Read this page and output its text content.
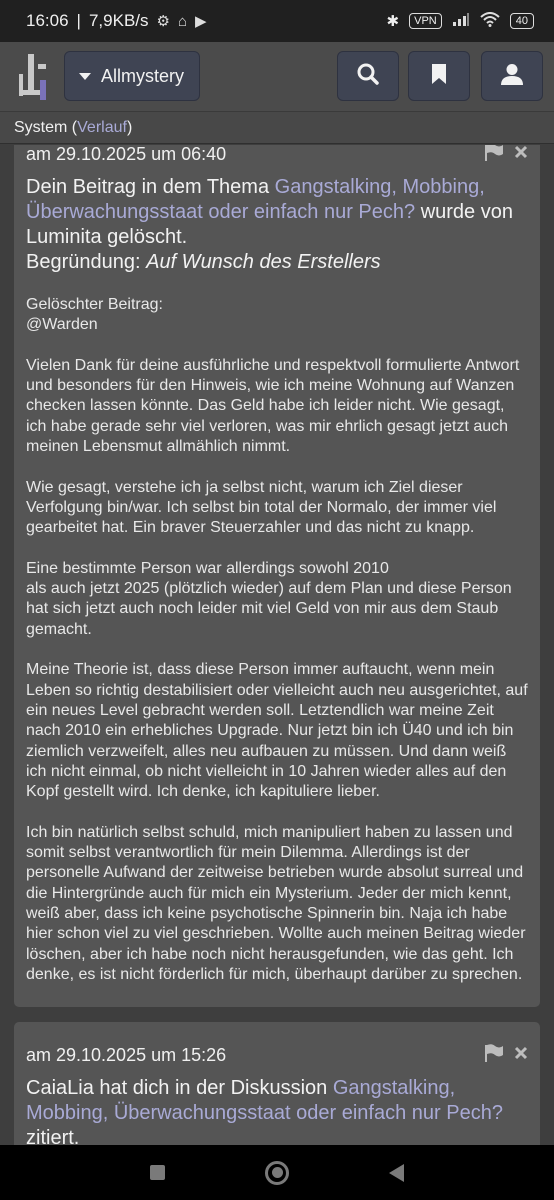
16:06 | 7,9KB/s ⚙ ⌂ ▶	✱	VPN	40
Allmystery
System ( Verlauf )
am 29.10.2025 um 06:40
Dein Beitrag in dem Thema Gangstalking, Mobbing, Überwachungsstaat oder einfach nur Pech? wurde von Luminita gelöscht.
Begründung: Auf Wunsch des Erstellers
Gelöschter Beitrag:
@Warden

Vielen Dank für deine ausführliche und respektvoll formulierte Antwort und besonders für den Hinweis, wie ich meine Wohnung auf Wanzen checken lassen könnte. Das Geld habe ich leider nicht. Wie gesagt, ich habe gerade sehr viel verloren, was mir ehrlich gesagt jetzt auch meinen Lebensmut allmählich nimmt.

Wie gesagt, verstehe ich ja selbst nicht, warum ich Ziel dieser Verfolgung bin/war. Ich selbst bin total der Normalo, der immer viel gearbeitet hat. Ein braver Steuerzahler und das nicht zu knapp.

Eine bestimmte Person war allerdings sowohl 2010
als auch jetzt 2025 (plötzlich wieder) auf dem Plan und diese Person hat sich jetzt auch noch leider mit viel Geld von mir aus dem Staub gemacht.

Meine Theorie ist, dass diese Person immer auftaucht, wenn mein Leben so richtig destabilisiert oder vielleicht auch neu ausgerichtet, auf ein neues Level gebracht werden soll. Letztendlich war meine Zeit nach 2010 ein erhebliches Upgrade. Nur jetzt bin ich Ü40 und ich bin ziemlich verzweifelt, alles neu aufbauen zu müssen. Und dann weiß ich nicht einmal, ob nicht vielleicht in 10 Jahren wieder alles auf den Kopf gestellt wird. Ich denke, ich kapituliere lieber.

Ich bin natürlich selbst schuld, mich manipuliert haben zu lassen und somit selbst verantwortlich für mein Dilemma. Allerdings ist der personelle Aufwand der zeitweise betrieben wurde absolut surreal und die Hintergründe auch für mich ein Mysterium. Jeder der mich kennt, weiß aber, dass ich keine psychotische Spinnerin bin. Naja ich habe hier schon viel zu viel geschrieben. Wollte auch meinen Beitrag wieder löschen, aber ich habe noch nicht herausgefunden, wie das geht. Ich denke, es ist nicht förderlich für mich, überhaupt darüber zu sprechen.
am 29.10.2025 um 15:26
CaiaLia hat dich in der Diskussion Gangstalking, Mobbing, Überwachungsstaat oder einfach nur Pech? zitiert.
